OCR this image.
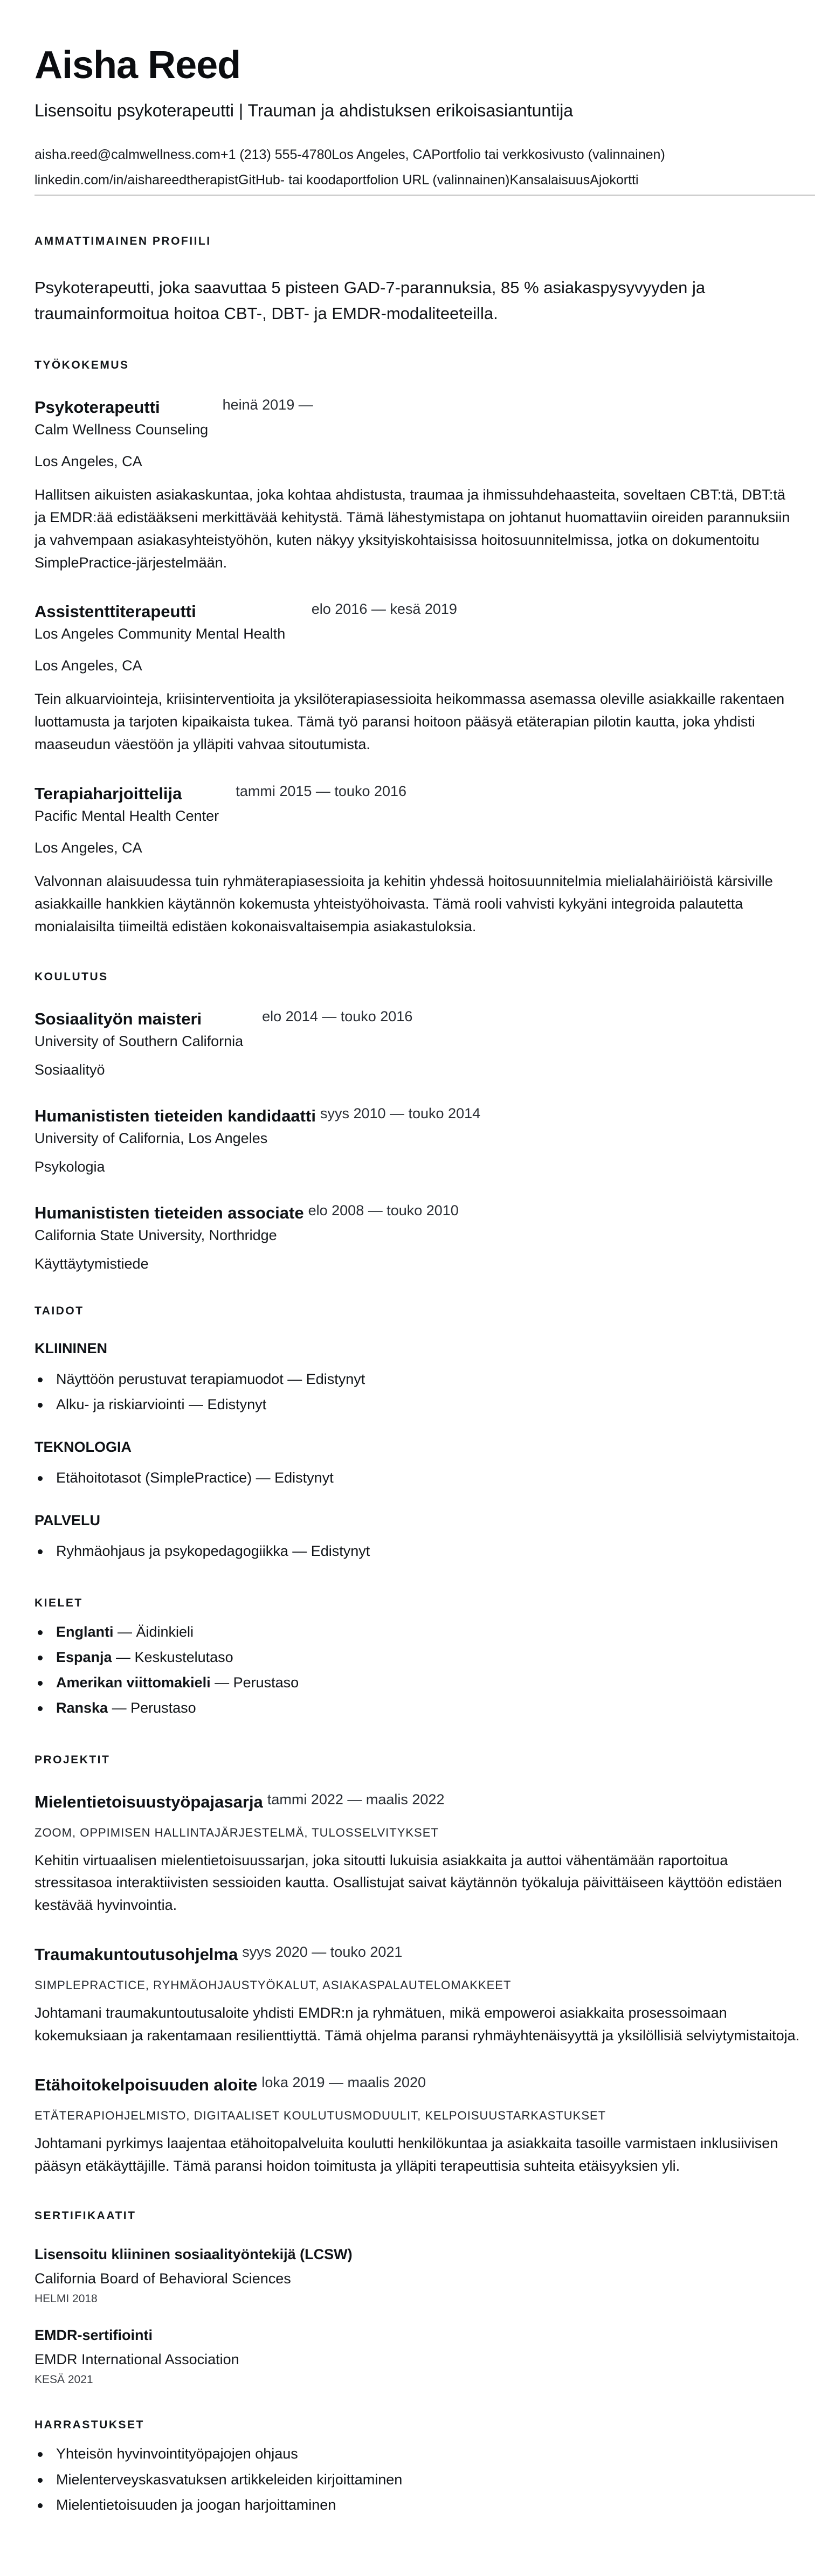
Aisha Reed
Lisensoitu psykoterapeutti | Trauman ja ahdistuksen erikoisasiantuntija
aisha.reed@calmwellness.com+1 (213) 555-4780Los Angeles, CAPortfolio tai verkkosivusto (valinnainen)
linkedin.com/in/aishareedtherapistGitHub- tai koodaportfolion URL (valinnainen)KansalaisuusAjokortti
AMMATTIMAINEN PROFIILI

Psykoterapeutti, joka saavuttaa 5 pisteen GAD-7-parannuksia, 85 % asiakaspysyvyyden ja traumainformoitua hoitoa CBT-, DBT- ja EMDR-modaliteeteilla.

TYÖKOKEMUS
Psykoterapeutti	heinä 2019 —
Calm Wellness Counseling
Los Angeles, CA

Hallitsen aikuisten asiakaskuntaa, joka kohtaa ahdistusta, traumaa ja ihmissuhdehaasteita, soveltaen CBT:tä, DBT:tä ja EMDR:ää edistääkseni merkittävää kehitystä. Tämä lähestymistapa on johtanut huomattaviin oireiden parannuksiin ja vahvempaan asiakasyhteistyöhön, kuten näkyy yksityiskohtaisissa hoitosuunnitelmissa, jotka on dokumentoitu SimplePractice-järjestelmään.

Assistenttiterapeutti	elo 2016 — kesä 2019
Los Angeles Community Mental Health
Los Angeles, CA

Tein alkuarviointeja, kriisinterventioita ja yksilöterapiasessioita heikommassa asemassa oleville asiakkaille rakentaen luottamusta ja tarjoten kipaikaista tukea. Tämä työ paransi hoitoon pääsyä etäterapian pilotin kautta, joka yhdisti maaseudun väestöön ja ylläpiti vahvaa sitoutumista.

Terapiaharjoittelija	tammi 2015 — touko 2016
Pacific Mental Health Center
Los Angeles, CA

Valvonnan alaisuudessa tuin ryhmäterapiasessioita ja kehitin yhdessä hoitosuunnitelmia mielialahäiriöistä kärsiville asiakkaille hankkien käytännön kokemusta yhteistyöhoivasta. Tämä rooli vahvisti kykyäni integroida palautetta monialaisilta tiimeiltä edistäen kokonaisvaltaisempia asiakastuloksia.

KOULUTUS
Sosiaalityön maisteri	elo 2014 — touko 2016
University of Southern California
Sosiaalityö
Humanististen tieteiden kandidaatti syys 2010 — touko 2014
University of California, Los Angeles
Psykologia
Humanististen tieteiden associate elo 2008 — touko 2010
California State University, Northridge
Käyttäytymistiede
TAIDOT
KLIININEN
Näyttöön perustuvat terapiamuodot — Edistynyt
Alku- ja riskiarviointi — Edistynyt
TEKNOLOGIA
Etähoitotasot (SimplePractice) — Edistynyt
PALVELU
Ryhmäohjaus ja psykopedagogiikka — Edistynyt
KIELET
Englanti — Äidinkieli
Espanja — Keskustelutaso
Amerikan viittomakieli — Perustaso
Ranska — Perustaso
PROJEKTIT
Mielentietoisuustyöpajasarja tammi 2022 — maalis 2022
ZOOM, OPPIMISEN HALLINTAJÄRJESTELMÄ, TULOSSELVITYKSET

Kehitin virtuaalisen mielentietoisuussarjan, joka sitoutti lukuisia asiakkaita ja auttoi vähentämään raportoitua stressitasoa interaktiivisten sessioiden kautta. Osallistujat saivat käytännön työkaluja päivittäiseen käyttöön edistäen kestävää hyvinvointia.

Traumakuntoutusohjelma syys 2020 — touko 2021
SIMPLEPRACTICE, RYHMÄOHJAUSTYÖKALUT, ASIAKASPALAUTELOMAKKEET

Johtamani traumakuntoutusaloite yhdisti EMDR:n ja ryhmätuen, mikä empoweroi asiakkaita prosessoimaan kokemuksiaan ja rakentamaan resilienttiyttä. Tämä ohjelma paransi ryhmäyhtenäisyyttä ja yksilöllisiä selviytymistaitoja.

Etähoitokelpoisuuden aloite loka 2019 — maalis 2020
ETÄTERAPIOHJELMISTO, DIGITAALISET KOULUTUSMODUULIT, KELPOISUUSTARKASTUKSET

Johtamani pyrkimys laajentaa etähoitopalveluita koulutti henkilökuntaa ja asiakkaita tasoille varmistaen inklusiivisen pääsyn etäkäyttäjille. Tämä paransi hoidon toimitusta ja ylläpiti terapeuttisia suhteita etäisyyksien yli.

SERTIFIKAATIT
Lisensoitu kliininen sosiaalityöntekijä (LCSW)
California Board of Behavioral Sciences
HELMI 2018
EMDR-sertifiointi
EMDR International Association
KESÄ 2021
HARRASTUKSET
Yhteisön hyvinvointityöpajojen ohjaus
Mielenterveyskasvatuksen artikkeleiden kirjoittaminen
Mielentietoisuuden ja joogan harjoittaminen
